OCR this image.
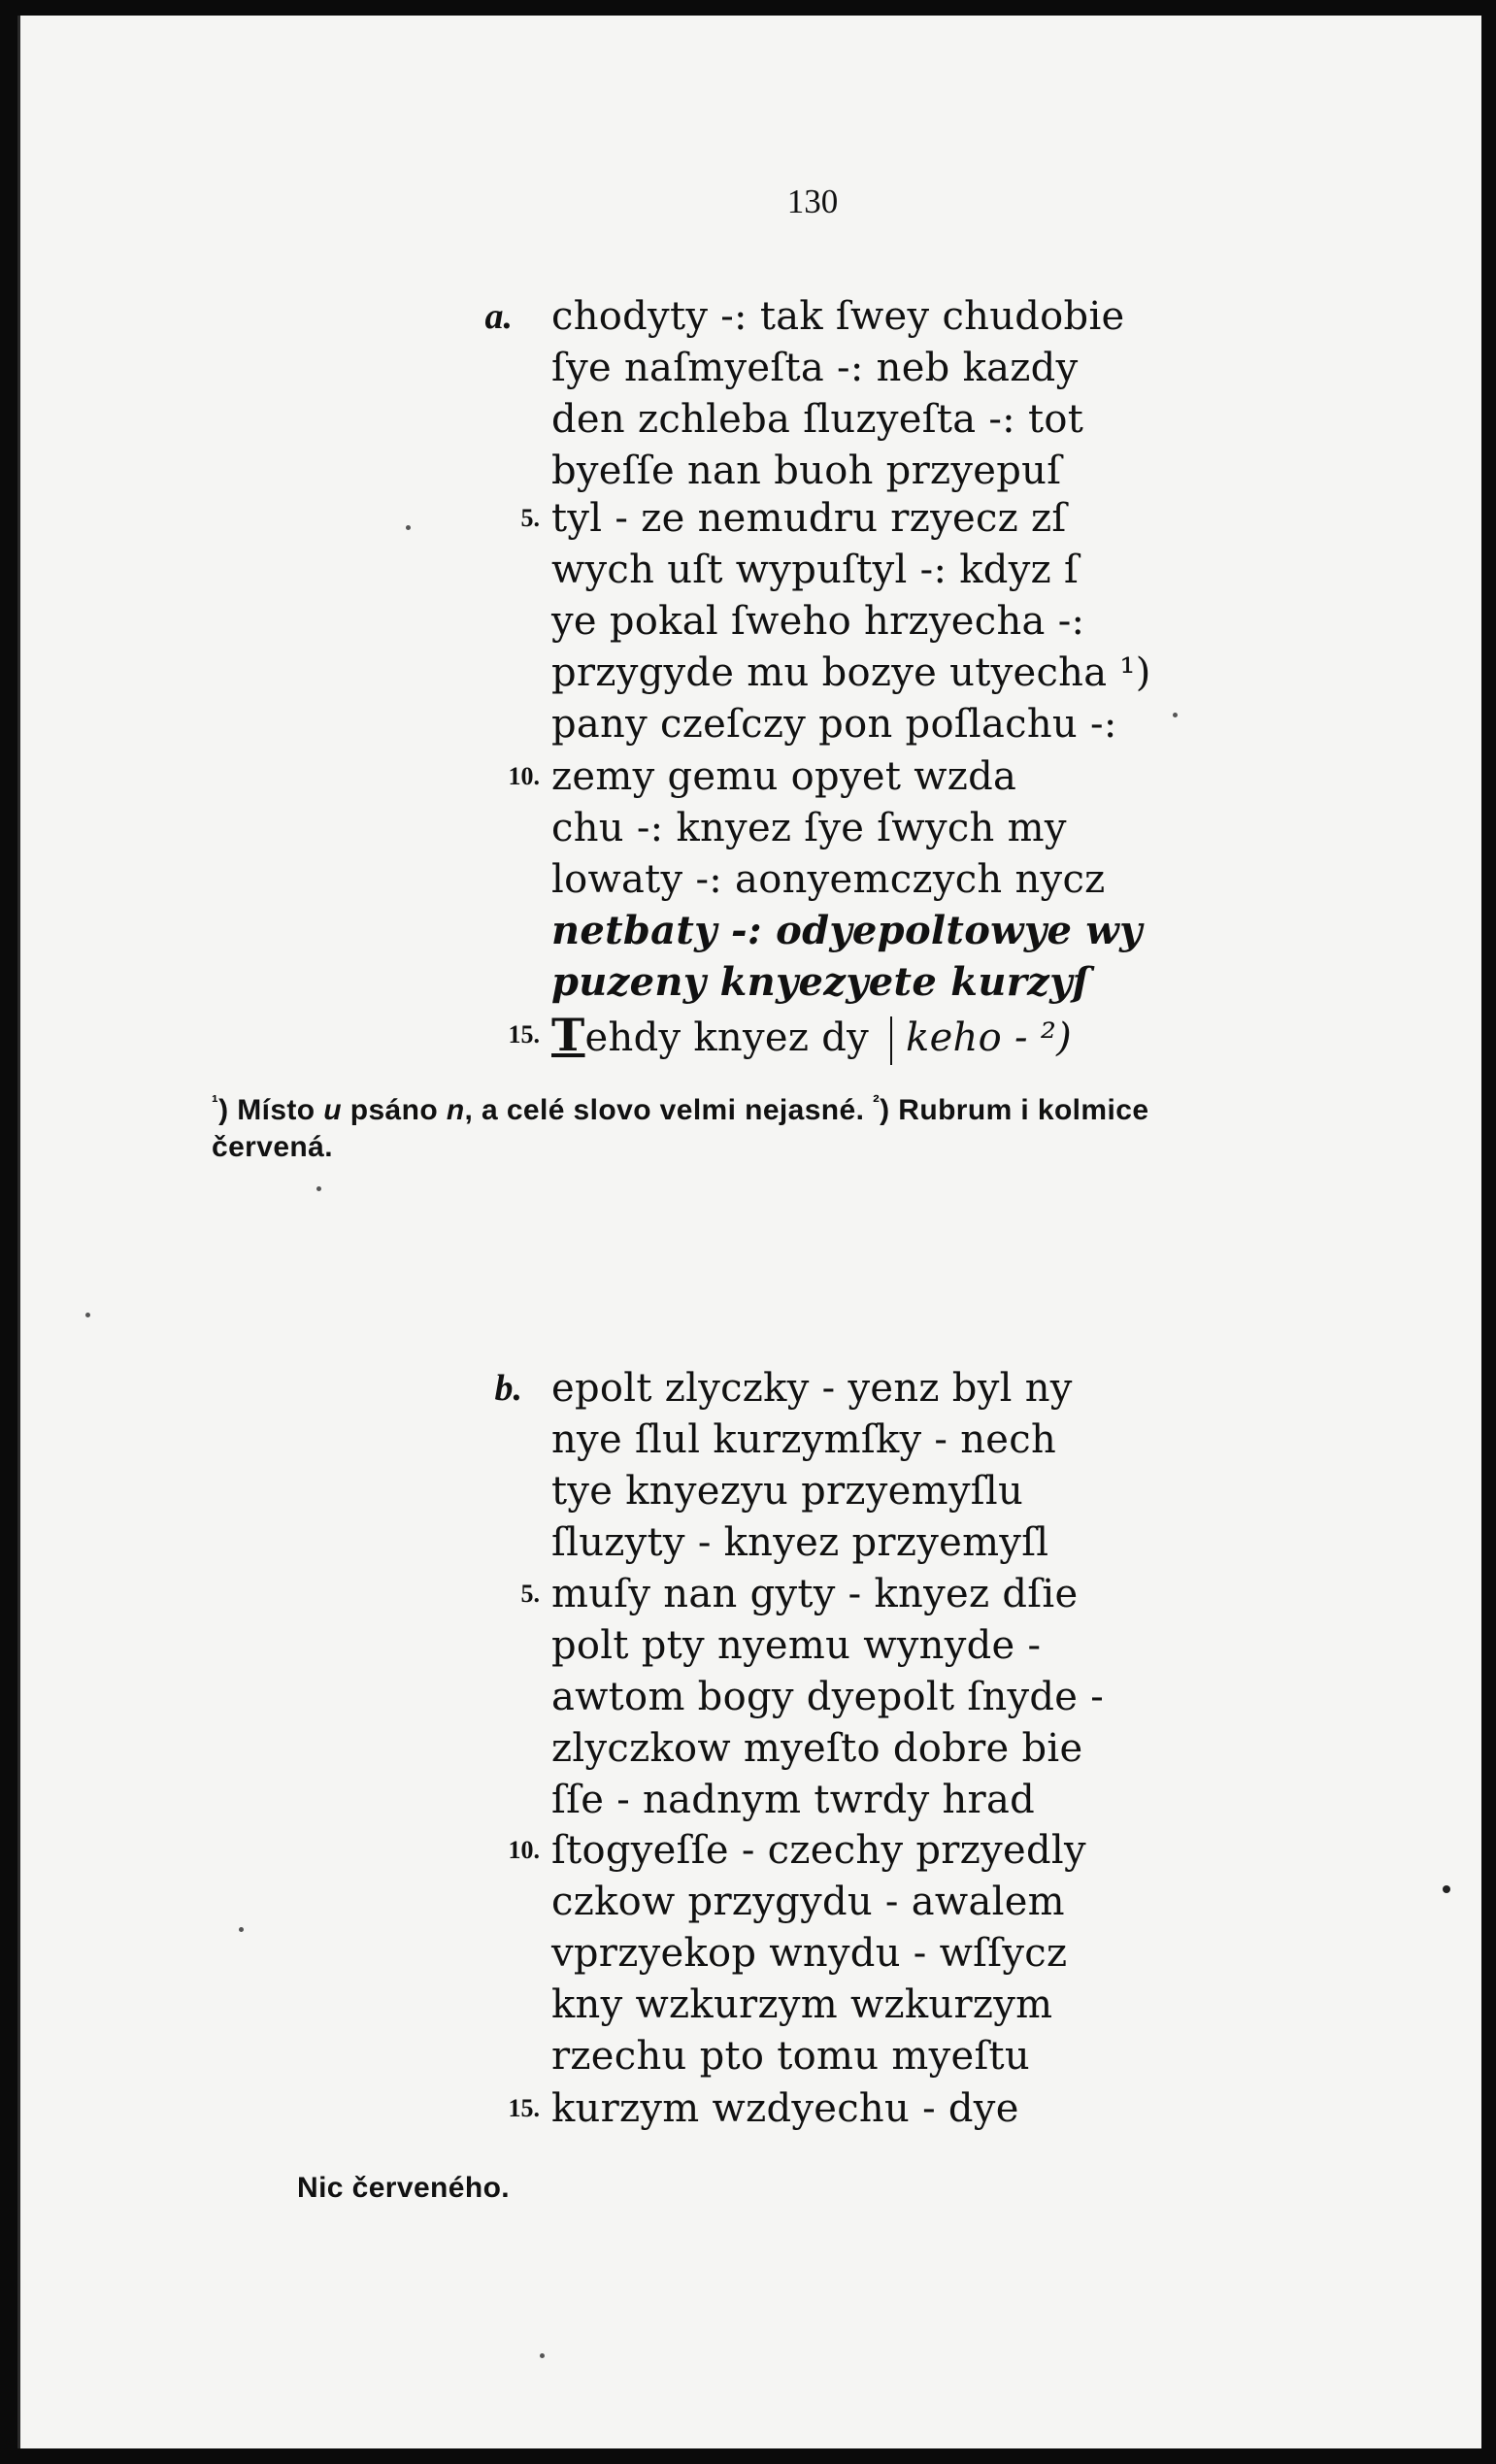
130
a.
5.
10.
15.
chodyty -: tak ſwey chudobie
ſye naſmyeſta -: neb kazdy
den zchleba ſluzyeſta -: tot
byeſſe nan buoh przyepuſ
tyl - ze nemudru rzyecz zſ
wych uſt wypuſtyl -: kdyz ſ
ye pokal ſweho hrzyecha -:
przygyde mu bozye utyecha ¹)
pany czeſczy pon poſlachu -:
zemy gemu opyet wzda
chu -: knyez ſye ſwych my
lowaty -: aonyemczych nycz
netbaty -: odyepoltowye wy
puzeny knyezyete kurzyſ
Tehdy knyez dy keho - ²)
$^{^1}$) Místo u psáno n, a celé slovo velmi nejasné. $^{^2}$) Rubrum i kolmice
červená.
b.
5.
10.
15.
epolt zlyczky - yenz byl ny
nye ſlul kurzymſky - nech
tye knyezyu przyemyſlu
ſluzyty - knyez przyemyſl
muſy nan gyty - knyez dſie
polt pty nyemu wynyde -
awtom bogy dyepolt ſnyde -
zlyczkow myeſto dobre bie
ſſe - nadnym twrdy hrad
ſtogyeſſe - czechy przyedly
czkow przygydu - awalem
vprzyekop wnydu - wſſycz
kny wzkurzym wzkurzym
rzechu pto tomu myeſtu
kurzym wzdyechu - dye
Nic červeného.
